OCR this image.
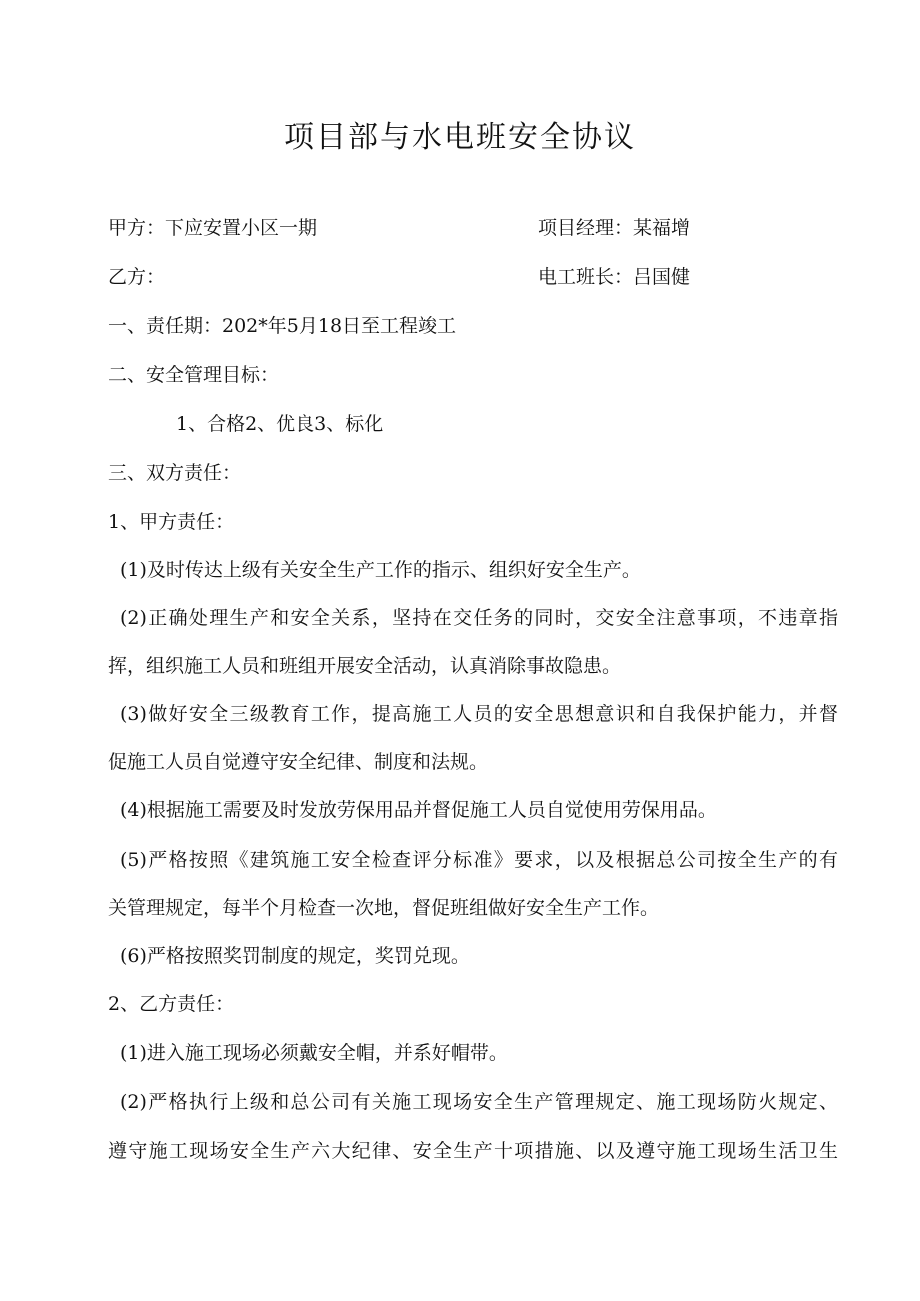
项目部与水电班安全协议

甲方：下应安置小区一期	项目经理：某福增

乙方：	电工班长：吕国健

一、责任期：202*年5月18日至工程竣工

二、安全管理目标：

1、合格2、优良3、标化

三、双方责任：

1、甲方责任：

(1)及时传达上级有关安全生产工作的指示、组织好安全生产。

(2)正确处理生产和安全关系，坚持在交任务的同时，交安全注意事项，不违章指

挥，组织施工人员和班组开展安全活动，认真消除事故隐患。

(3)做好安全三级教育工作，提高施工人员的安全思想意识和自我保护能力，并督

促施工人员自觉遵守安全纪律、制度和法规。

(4)根据施工需要及时发放劳保用品并督促施工人员自觉使用劳保用品。

(5)严格按照《建筑施工安全检查评分标准》要求，以及根据总公司按全生产的有

关管理规定，每半个月检查一次地，督促班组做好安全生产工作。

(6)严格按照奖罚制度的规定，奖罚兑现。

2、乙方责任：

(1)进入施工现场必须戴安全帽，并系好帽带。

(2)严格执行上级和总公司有关施工现场安全生产管理规定、施工现场防火规定、

遵守施工现场安全生产六大纪律、安全生产十项措施、以及遵守施工现场生活卫生
